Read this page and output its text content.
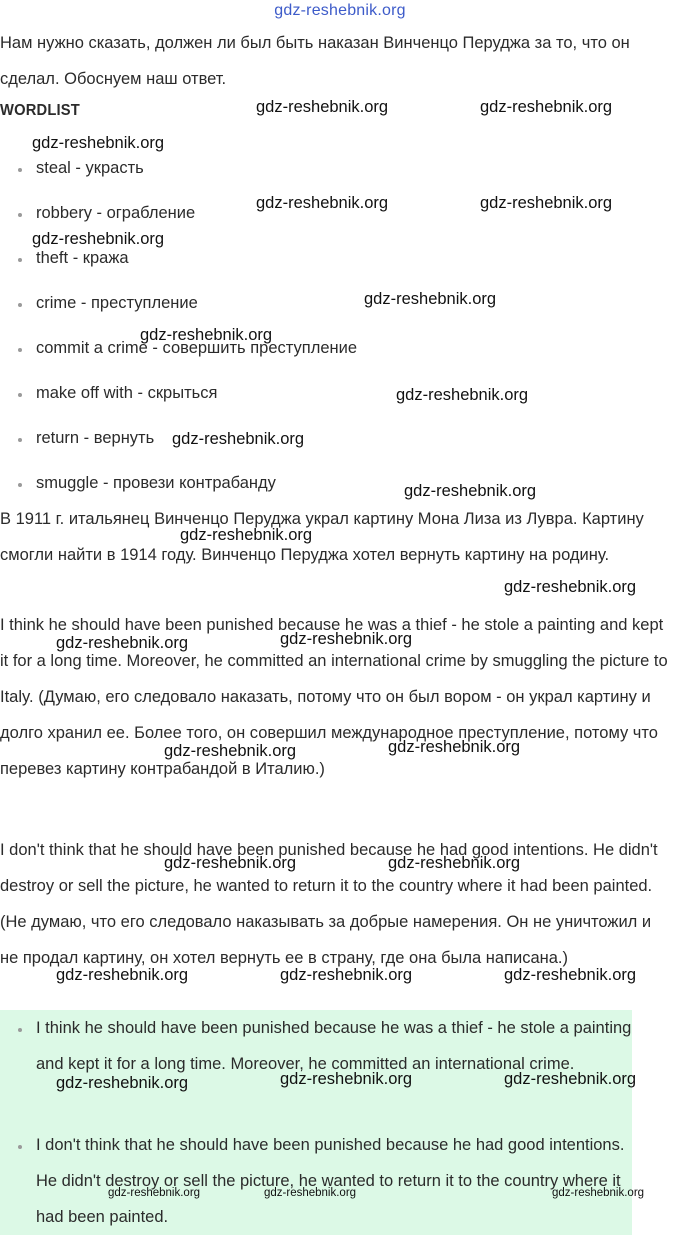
gdz-reshebnik.org

Нам нужно сказать, должен ли был быть наказан Винченцо Перуджа за то, что он сделал. Обоснуем наш ответ.

WORDLIST
steal - украсть
robbery - ограбление
theft - кража
crime - преступление
commit a crime - совершить преступление
make off with - скрыться
return - вернуть
smuggle - провези контрабанду

В 1911 г. итальянец Винченцо Перуджа украл картину Мона Лиза из Лувра. Картину смогли найти в 1914 году. Винченцо Перуджа хотел вернуть картину на родину.

I think he should have been punished because he was a thief - he stole a painting and kept it for a long time. Moreover, he committed an international crime by smuggling the picture to Italy. (Думаю, его следовало наказать, потому что он был вором - он украл картину и долго хранил ее. Более того, он совершил международное преступление, потому что перевез картину контрабандой в Италию.)

I don't think that he should have been punished because he had good intentions. He didn't destroy or sell the picture, he wanted to return it to the country where it had been painted. (Не думаю, что его следовало наказывать за добрые намерения. Он не уничтожил и не продал картину, он хотел вернуть ее в страну, где она была написана.)

I think he should have been punished because he was a thief - he stole a painting and kept it for a long time. Moreover, he committed an international crime.

I don't think that he should have been punished because he had good intentions. He didn't destroy or sell the picture, he wanted to return it to the country where it had been painted.

gdz-reshebnik.org	gdz-reshebnik.org
gdz-reshebnik.org
gdz-reshebnik.org	gdz-reshebnik.org
gdz-reshebnik.org
gdz-reshebnik.org
gdz-reshebnik.org
gdz-reshebnik.org
gdz-reshebnik.org
gdz-reshebnik.org
gdz-reshebnik.org
gdz-reshebnik.org
gdz-reshebnik.org	gdz-reshebnik.org
gdz-reshebnik.org	gdz-reshebnik.org
gdz-reshebnik.org	gdz-reshebnik.org
gdz-reshebnik.org	gdz-reshebnik.org	gdz-reshebnik.org
gdz-reshebnik.org	gdz-reshebnik.org	gdz-reshebnik.org
gdz-reshebnik.org	gdz-reshebnik.org	gdz-reshebnik.org
